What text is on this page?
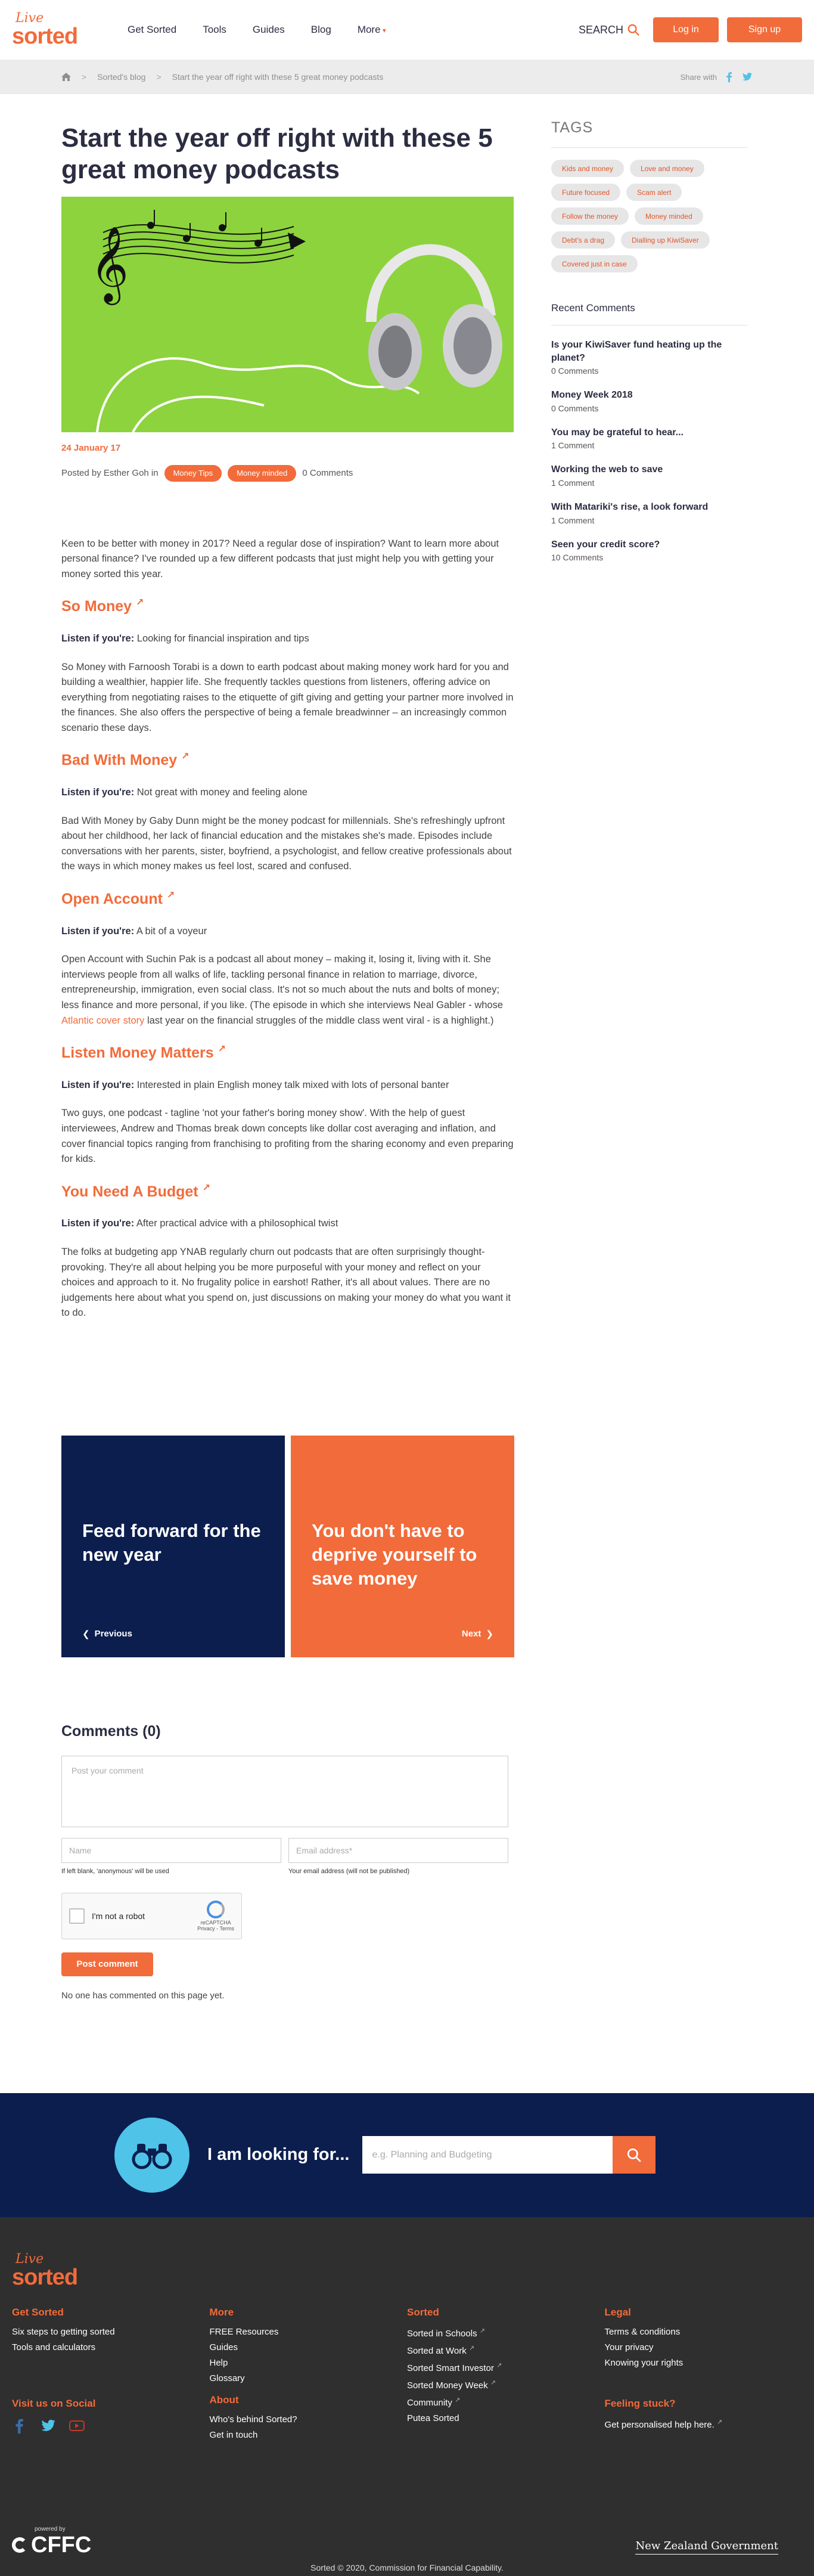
Live
sorted	Get Sorted	Tools	Guides	Blog	More ▾	SEARCH	Log in	Sign up
> Sorted's blog > Start the year off right with these 5 great money podcasts	Share with
Start the year off right with these 5 great money podcasts
𝄞
24 January 17
Posted by Esther Goh in	Money Tips	Money minded	0 Comments

Keen to be better with money in 2017? Need a regular dose of inspiration? Want to learn more about personal finance? I've rounded up a few different podcasts that just might help you with getting your money sorted this year.

So Money ↗

Listen if you're: Looking for financial inspiration and tips

So Money with Farnoosh Torabi is a down to earth podcast about making money work hard for you and building a wealthier, happier life. She frequently tackles questions from listeners, offering advice on everything from negotiating raises to the etiquette of gift giving and getting your partner more involved in the finances. She also offers the perspective of being a female breadwinner – an increasingly common scenario these days.

Bad With Money ↗

Listen if you're: Not great with money and feeling alone

Bad With Money by Gaby Dunn might be the money podcast for millennials. She's refreshingly upfront about her childhood, her lack of financial education and the mistakes she's made. Episodes include conversations with her parents, sister, boyfriend, a psychologist, and fellow creative professionals about the ways in which money makes us feel lost, scared and confused.

Open Account ↗

Listen if you're: A bit of a voyeur

Open Account with Suchin Pak is a podcast all about money – making it, losing it, living with it. She interviews people from all walks of life, tackling personal finance in relation to marriage, divorce, entrepreneurship, immigration, even social class. It's not so much about the nuts and bolts of money; less finance and more personal, if you like. (The episode in which she interviews Neal Gabler - whose Atlantic cover story last year on the financial struggles of the middle class went viral - is a highlight.)

Listen Money Matters ↗

Listen if you're: Interested in plain English money talk mixed with lots of personal banter

Two guys, one podcast - tagline 'not your father's boring money show'. With the help of guest interviewees, Andrew and Thomas break down concepts like dollar cost averaging and inflation, and cover financial topics ranging from franchising to profiting from the sharing economy and even preparing for kids.

You Need A Budget ↗

Listen if you're: After practical advice with a philosophical twist

The folks at budgeting app YNAB regularly churn out podcasts that are often surprisingly thought-provoking. They're all about helping you be more purposeful with your money and reflect on your choices and approach to it. No frugality police in earshot! Rather, it's all about values. There are no judgements here about what you spend on, just discussions on making your money do what you want it to do.

Feed forward for the new year
❮ Previous
You don't have to deprive yourself to save money
Next ❯
Comments (0)
Post your comment
Name
If left blank, 'anonymous' will be used
Email address*
Your email address (will not be published)
I'm not a robot
reCAPTCHA
Privacy - Terms
Post comment
No one has commented on this page yet.
TAGS
Kids and money	Love and money
Future focused	Scam alert
Follow the money	Money minded
Debt's a drag	Dialling up KiwiSaver
Covered just in case
Recent Comments
Is your KiwiSaver fund heating up the planet?
0 Comments
Money Week 2018
0 Comments
You may be grateful to hear...
1 Comment
Working the web to save
1 Comment
With Matariki's rise, a look forward
1 Comment
Seen your credit score?
10 Comments
I am looking for...	e.g. Planning and Budgeting
Live
sorted
Get Sorted
Six steps to getting sorted
Tools and calculators
Visit us on Social
More
FREE Resources
Guides
Help
Glossary
About
Who's behind Sorted?
Get in touch
Sorted
Sorted in Schools ↗
Sorted at Work ↗
Sorted Smart Investor ↗
Sorted Money Week ↗
Community ↗
Putea Sorted
Legal
Terms & conditions
Your privacy
Knowing your rights
Feeling stuck?
Get personalised help here. ↗
powered by
CFFC	New Zealand Government
Sorted © 2020, Commission for Financial Capability.
